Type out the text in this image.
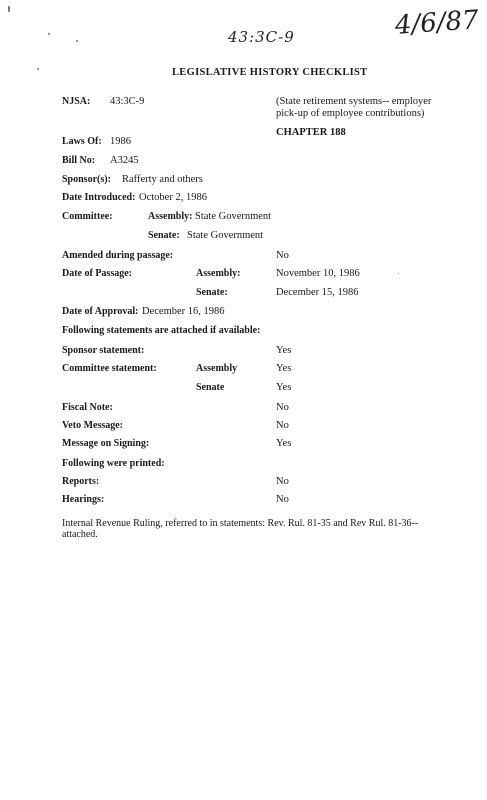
43:3C-9	4/6/87
LEGISLATIVE HISTORY CHECKLIST
NJSA: 43:3C-9	(State retirement systems-- employer pick-up of employee contributions)
CHAPTER 188
Laws Of: 1986
Bill No: A3245
Sponsor(s): Rafferty and others
Date Introduced: October 2, 1986
Committee:	Assembly: State Government
Senate: State Government
Amended during passage:	No
Date of Passage:	Assembly:	November 10, 1986
Senate:	December 15, 1986
Date of Approval: December 16, 1986
Following statements are attached if available:
Sponsor statement:	Yes
Committee statement:	Assembly	Yes
Senate	Yes
Fiscal Note:	No
Veto Message:	No
Message on Signing:	Yes
Following were printed:
Reports:	No
Hearings:	No
Internal Revenue Ruling, referred to in statements: Rev. Rul. 81-35 and Rev Rul. 81-36--
attached.
